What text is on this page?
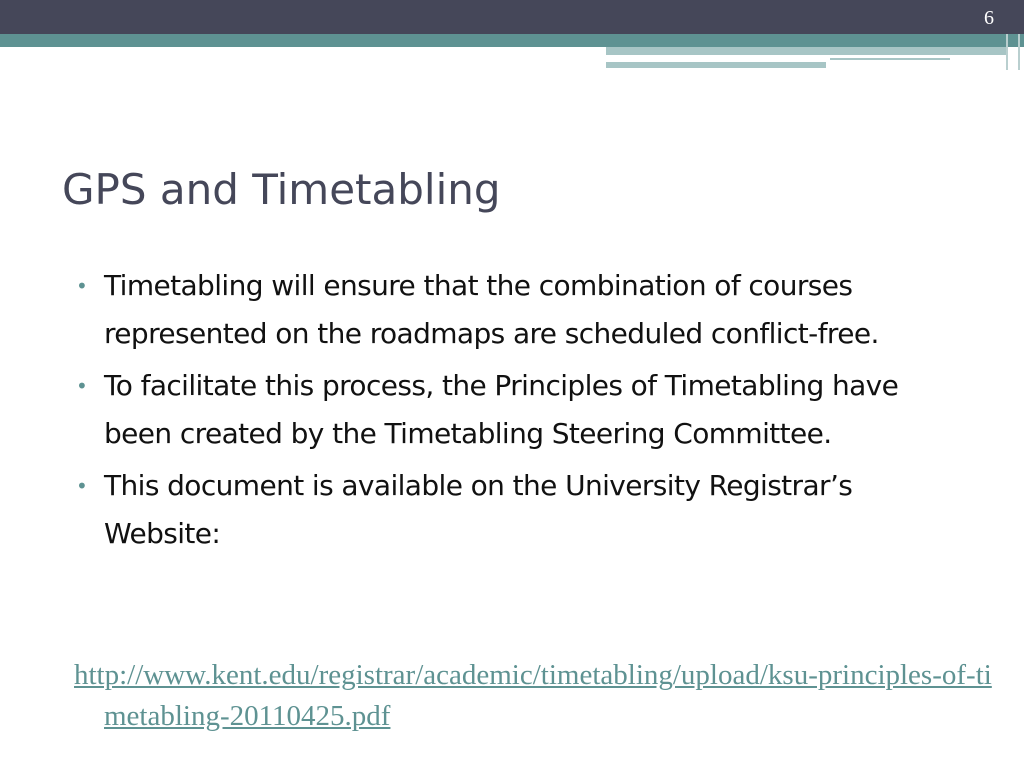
6
GPS and Timetabling
• Timetabling will ensure that the combination of courses represented on the roadmaps are scheduled conflict-free.
• To facilitate this process, the Principles of Timetabling have been created by the Timetabling Steering Committee.
• This document is available on the University Registrar’s Website:
http://www.kent.edu/registrar/academic/timetabling/upload/ksu-principles-of-timetabling-20110425.pdf
